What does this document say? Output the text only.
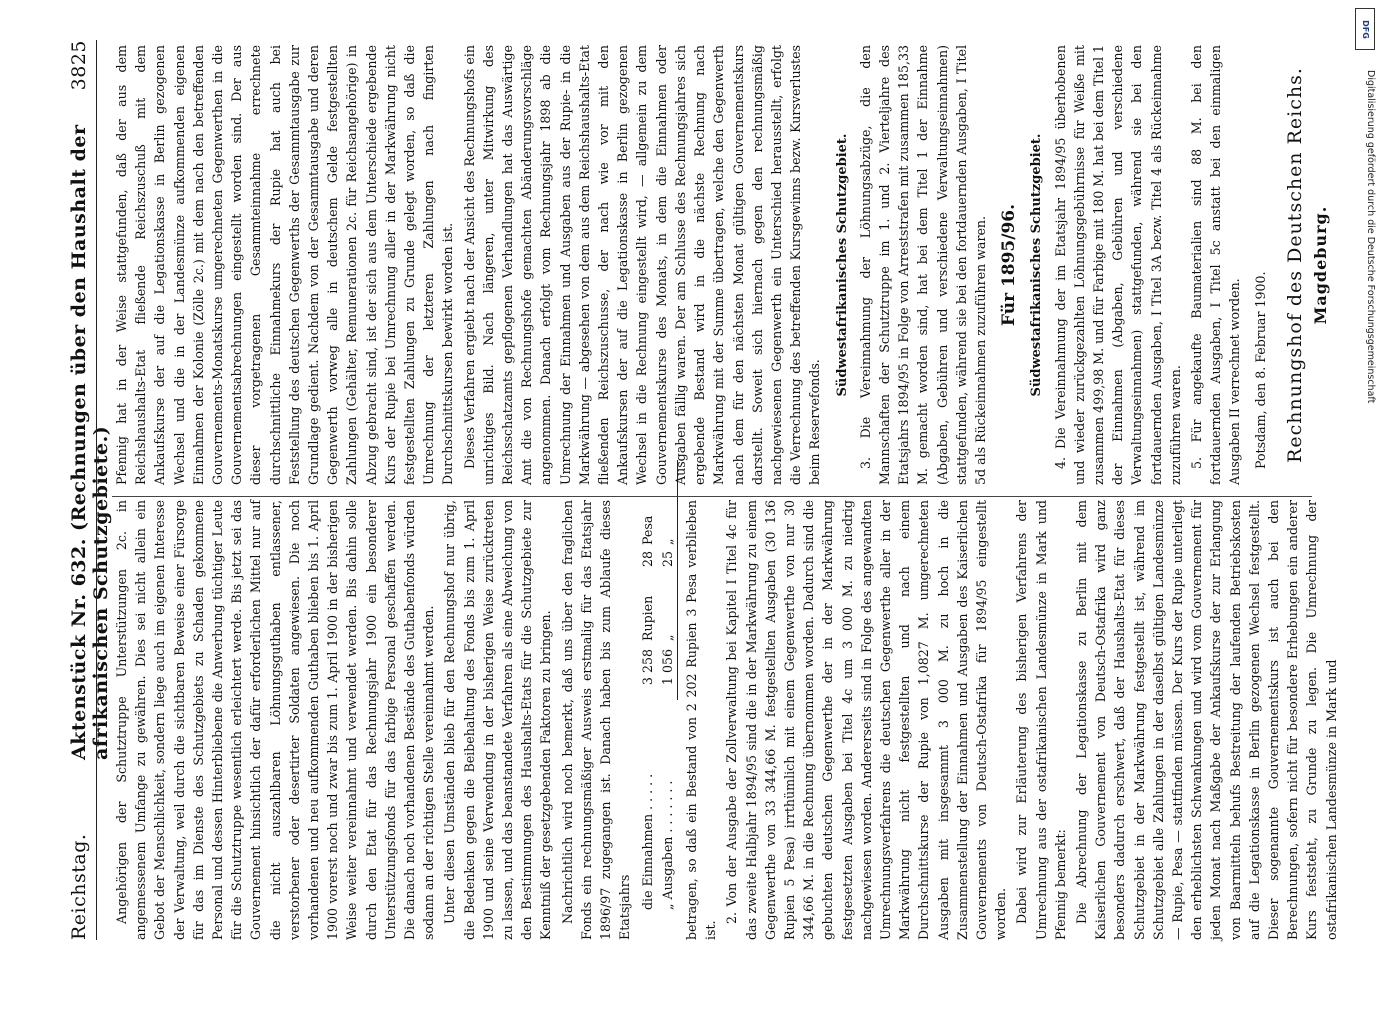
Reichstag.
Aktenstück Nr. 632. (Rechnungen über den Haushalt der afrikanischen Schutzgebiete.)
3825

Angehörigen der Schutztruppe Unterstützungen 2c. in angemessenem Umfange zu gewähren. Dies sei nicht allein ein Gebot der Menschlichkeit, sondern liege auch im eigenen Interesse der Verwaltung, weil durch die sichtbaren Beweise einer Fürsorge für das im Dienste des Schutzgebiets zu Schaden gekommene Personal und dessen Hinterbliebene die Anwerbung tüchtiger Leute für die Schutztruppe wesentlich erleichtert werde. Bis jetzt sei das Gouvernement hinsichtlich der dafür erforderlichen Mittel nur auf die nicht auszahlbaren Löhnungsguthaben entlassener, verstorbener oder desertirter Soldaten angewiesen. Die noch vorhandenen und neu aufkommenden Guthaben blieben bis 1. April 1900 vorerst noch und zwar bis zum 1. April 1900 in der bisherigen Weise weiter vereinnahmt und verwendet werden. Bis dahin solle durch den Etat für das Rechnungsjahr 1900 ein besonderer Unterstützungsfonds für das farbige Personal geschaffen werden. Die danach noch vorhandenen Bestände des Guthabenfonds würden sodann an der richtigen Stelle vereinnahmt werden. Unter diesen Umständen blieb für den Rechnungshof nur übrig, die Bedenken gegen die Beibehaltung des Fonds bis zum 1. April 1900 und seine Verwendung in der bisherigen Weise zurücktreten zu lassen, und das beanstandete Verfahren als eine Abweichung von den Bestimmungen des Haushalts-Etats für die Schutzgebiete zur Kenntniß der gesetzgebenden Faktoren zu bringen. Nachrichtlich wird noch bemerkt, daß uns über den fraglichen Fonds ein rechnungsmäßiger Ausweis erstmalig für das Etatsjahr 1896/97 zugegangen ist. Danach haben bis zum Ablaufe dieses Etatsjahrs die Einnahmen . . . . .
3 258
Rupien
28
Pesa
„ Ausgaben . . . . . . .
1 056
„
25
„ betragen, so daß ein Bestand von 2 202 Rupien 3 Pesa verblieben ist.

2. Von der Ausgabe der Zollverwaltung bei Kapitel I Titel 4c für das zweite Halbjahr 1894/95 sind die in der Markwährung zu einem Gegenwerthe von 33 344,66 M. festgestellten Ausgaben (30 136 Rupien 5 Pesa) irrthümlich mit einem Gegenwerthe von nur 30 344,66 M. in die Rechnung übernommen worden. Dadurch sind die gebuchten deutschen Gegenwerthe der in der Markwährung festgesetzten Ausgaben bei Titel 4c um 3 000 M. zu niedrig nachgewiesen worden. Andererseits sind in Folge des angewandten Umrechnungsverfahrens die deutschen Gegenwerthe aller in der Markwährung nicht festgestellten und nach einem Durchschnittskurse der Rupie von 1,0827 M. umgerechneten Ausgaben mit insgesammt 3 000 M. zu hoch in die Zusammenstellung der Einnahmen und Ausgaben des Kaiserlichen Gouvernements von Deutsch-Ostafrika für 1894/95 eingestellt worden. Dabei wird zur Erläuterung des bisherigen Verfahrens der Umrechnung aus der ostafrikanischen Landesmünze in Mark und Pfennig bemerkt: Die Abrechnung der Legationskasse zu Berlin mit dem Kaiserlichen Gouvernement von Deutsch-Ostafrika wird ganz besonders dadurch erschwert, daß der Haushalts-Etat für dieses Schutzgebiet in der Markwährung festgestellt ist, während im Schutzgebiet alle Zahlungen in der daselbst gültigen Landesmünze — Rupie, Pesa — stattfinden müssen. Der Kurs der Rupie unterliegt den erheblichsten Schwankungen und wird vom Gouvernement für jeden Monat nach Maßgabe der Ankaufskurse der zur Erlangung von Baarmitteln behufs Bestreitung der laufenden Betriebskosten auf die Legationskasse in Berlin gezogenen Wechsel festgestellt. Dieser sogenannte Gouvernementskurs ist auch bei den Berechnungen, sofern nicht für besondere Erhebungen ein anderer Kurs feststeht, zu Grunde zu legen. Die Umrechnung der ostafrikanischen Landesmünze in Mark und

Pfennig hat in der Weise stattgefunden, daß der aus dem Reichshaushalts-Etat fließende Reichszuschuß mit dem Ankaufskurse der auf die Legationskasse in Berlin gezogenen Wechsel und die in der Landesmünze aufkommenden eigenen Einnahmen der Kolonie (Zölle 2c.) mit dem nach den betreffenden Gouvernements-Monatskurse umgerechneten Gegenwerthen in die Gouvernementsabrechnungen eingestellt worden sind. Der aus dieser vorgetragenen Gesammteinnahme errechnete durchschnittliche Einnahmekurs der Rupie hat auch bei Feststellung des deutschen Gegenwerths der Gesammtausgabe zur Grundlage gedient. Nachdem von der Gesammtausgabe und deren Gegenwerth vorweg alle in deutschem Gelde festgestellten Zahlungen (Gehälter, Remunerationen 2c. für Reichsangehörige) in Abzug gebracht sind, ist der sich aus dem Unterschiede ergebende Kurs der Rupie bei Umrechnung aller in der Markwährung nicht festgestellten Zahlungen zu Grunde gelegt worden, so daß die Umrechnung der letzteren Zahlungen nach fingirten Durchschnittskursen bewirkt worden ist. Dieses Verfahren ergiebt nach der Ansicht des Rechnungshofs ein unrichtiges Bild. Nach längeren, unter Mitwirkung des Reichsschatzamts gepflogenen Verhandlungen hat das Auswärtige Amt die von Rechnungshofe gemachten Abänderungsvorschläge angenommen. Danach erfolgt vom Rechnungsjahr 1898 ab die Umrechnung der Einnahmen und Ausgaben aus der Rupie- in die Markwährung — abgesehen von dem aus dem Reichshaushalts-Etat fließenden Reichszuschusse, der nach wie vor mit den Ankaufskursen der auf die Legationskasse in Berlin gezogenen Wechsel in die Rechnung eingestellt wird, — allgemein zu dem Gouvernementskurse des Monats, in dem die Einnahmen oder Ausgaben fällig waren. Der am Schlusse des Rechnungsjahres sich ergebende Bestand wird in die nächste Rechnung nach Markwährung mit der Summe übertragen, welche den Gegenwerth nach dem für den nächsten Monat gültigen Gouvernementskurs darstellt. Soweit sich hiernach gegen den rechnungsmäßig nachgewiesenen Gegenwerth ein Unterschied herausstellt, erfolgt die Verrechnung des betreffenden Kursgewinns bezw. Kursverlustes beim Reservefonds.

Südwestafrikanisches Schutzgebiet. 3. Die Vereinnahmung der Löhnungsabzüge, die den Mannschaften der Schutztruppe im 1. und 2. Vierteljahre des Etatsjahrs 1894/95 in Folge von Arreststrafen mit zusammen 185,33 M. gemacht worden sind, hat bei dem Titel 1 der Einnahme (Abgaben, Gebühren und verschiedene Verwaltungseinnahmen) stattgefunden, während sie bei den fortdauernden Ausgaben, I Titel 5d als Rückeinnahmen zuzuführen waren. Für 1895/96. Südwestafrikanisches Schutzgebiet. 4. Die Vereinnahmung der im Etatsjahr 1894/95 überhobenen und wieder zurückgezahlten Löhnungsgebührnisse für Weiße mit zusammen 499,98 M. und für Farbige mit 180 M. hat bei dem Titel 1 der Einnahmen (Abgaben, Gebühren und verschiedene Verwaltungseinnahmen) stattgefunden, während sie bei den fortdauernden Ausgaben, I Titel 3A bezw. Titel 4 als Rückeinnahme zuzuführen waren. 5. Für angekaufte Baumaterialien sind 88 M. bei den fortdauernden Ausgaben, I Titel 5c anstatt bei den einmaligen Ausgaben II verrechnet worden. Potsdam, den 8. Februar 1900. Rechnungshof des Deutschen Reichs. Magdeburg.
DFG
Digitalisierung gefördert durch die Deutsche Forschungsgemeinschaft
